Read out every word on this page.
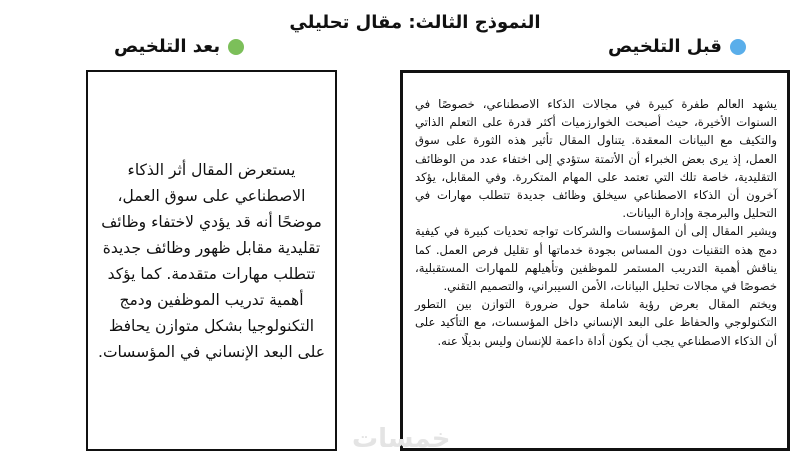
النموذج الثالث: مقال تحليلي
بعد التلخيص	قبل التلخيص

يستعرض المقال أثر الذكاء الاصطناعي على سوق العمل، موضحًا أنه قد يؤدي لاختفاء وظائف تقليدية مقابل ظهور وظائف جديدة تتطلب مهارات متقدمة. كما يؤكد أهمية تدريب الموظفين ودمج التكنولوجيا بشكل متوازن يحافظ على البعد الإنساني في المؤسسات.

يشهد العالم طفرة كبيرة في مجالات الذكاء الاصطناعي، خصوصًا في السنوات الأخيرة، حيث أصبحت الخوارزميات أكثر قدرة على التعلم الذاتي والتكيف مع البيانات المعقدة. يتناول المقال تأثير هذه الثورة على سوق العمل، إذ يرى بعض الخبراء أن الأتمتة ستؤدي إلى اختفاء عدد من الوظائف التقليدية، خاصة تلك التي تعتمد على المهام المتكررة. وفي المقابل، يؤكد آخرون أن الذكاء الاصطناعي سيخلق وظائف جديدة تتطلب مهارات في التحليل والبرمجة وإدارة البيانات.

ويشير المقال إلى أن المؤسسات والشركات تواجه تحديات كبيرة في كيفية دمج هذه التقنيات دون المساس بجودة خدماتها أو تقليل فرص العمل. كما يناقش أهمية التدريب المستمر للموظفين وتأهيلهم للمهارات المستقبلية، خصوصًا في مجالات تحليل البيانات، الأمن السيبراني، والتصميم التقني.

ويختم المقال بعرض رؤية شاملة حول ضرورة التوازن بين التطور التكنولوجي والحفاظ على البعد الإنساني داخل المؤسسات، مع التأكيد على أن الذكاء الاصطناعي يجب أن يكون أداة داعمة للإنسان وليس بديلًا عنه.

خمسات
